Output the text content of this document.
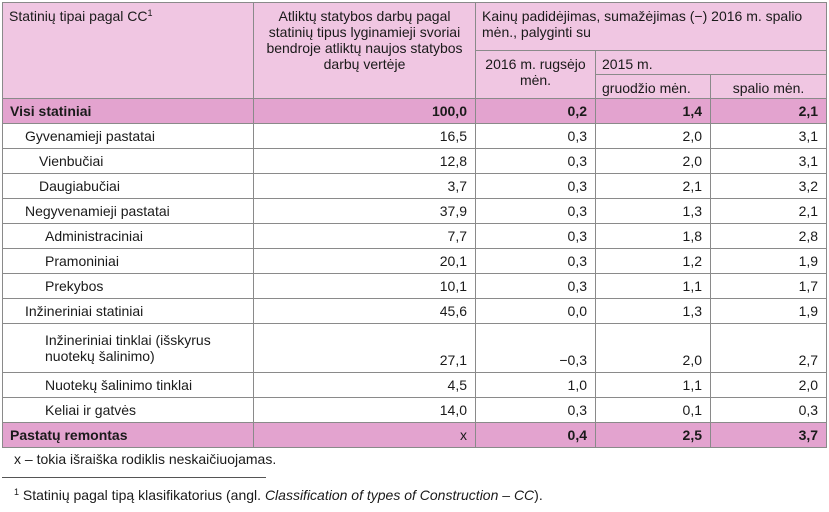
Statinių tipai pagal $CC^1$	Atliktų statybos darbų pagal statinių tipus lyginamieji svoriai bendroje atliktų naujos statybos darbų vertėje	Kainų padidėjimas, sumažėjimas (−) 2016 m. spalio mėn., palyginti su		
		2016 m. rugsėjo mėn.	2015 m.	
			gruodžio mėn.	spalio mėn.
Visi statiniai	100,0	0,2	1,4	2,1
Gyvenamieji pastatai	16,5	0,3	2,0	3,1
Vienbučiai	12,8	0,3	2,0	3,1
Daugiabučiai	3,7	0,3	2,1	3,2
Negyvenamieji pastatai	37,9	0,3	1,3	2,1
Administraciniai	7,7	0,3	1,8	2,8
Pramoniniai	20,1	0,3	1,2	1,9
Prekybos	10,1	0,3	1,1	1,7
Inžineriniai statiniai	45,6	0,0	1,3	1,9
Inžineriniai tinklai (išskyrus nuotekų šalinimo)	27,1	−0,3	2,0	2,7
Nuotekų šalinimo tinklai	4,5	1,0	1,1	2,0
Keliai ir gatvės	14,0	0,3	0,1	0,3
Pastatų remontas	x	0,4	2,5	3,7
x – tokia išraiška rodiklis neskaičiuojamas.
$^1$ Statinių pagal tipą klasifikatorius (angl. Classification of types of Construction – CC).
